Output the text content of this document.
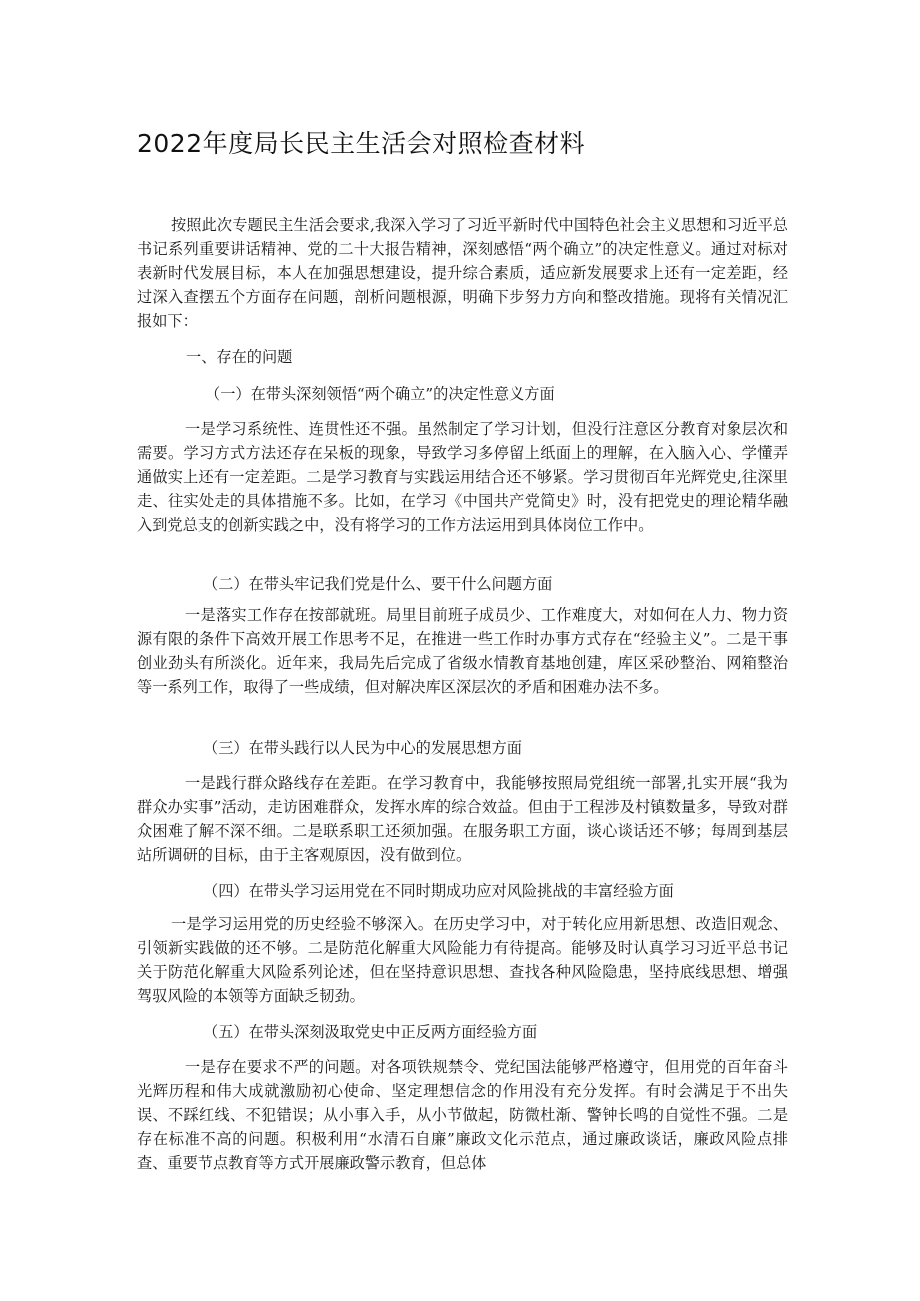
2022年度局长民主生活会对照检查材料

按照此次专题民主生活会要求,我深入学习了习近平新时代中国特色社会主义思想和习近平总书记系列重要讲话精神、党的二十大报告精神，深刻感悟“两个确立”的决定性意义。通过对标对表新时代发展目标，本人在加强思想建设，提升综合素质，适应新发展要求上还有一定差距，经过深入查摆五个方面存在问题，剖析问题根源，明确下步努力方向和整改措施。现将有关情况汇报如下：

一、存在的问题

（一）在带头深刻领悟“两个确立”的决定性意义方面

一是学习系统性、连贯性还不强。虽然制定了学习计划，但没行注意区分教育对象层次和需要。学习方式方法还存在呆板的现象，导致学习多停留上纸面上的理解，在入脑入心、学懂弄通做实上还有一定差距。二是学习教育与实践运用结合还不够紧。学习贯彻百年光辉党史,往深里走、往实处走的具体措施不多。比如，在学习《中国共产党简史》时，没有把党史的理论精华融入到党总支的创新实践之中，没有将学习的工作方法运用到具体岗位工作中。

（二）在带头牢记我们党是什么、要干什么问题方面

一是落实工作存在按部就班。局里目前班子成员少、工作难度大，对如何在人力、物力资源有限的条件下高效开展工作思考不足，在推进一些工作时办事方式存在“经验主义”。二是干事创业劲头有所淡化。近年来，我局先后完成了省级水情教育基地创建，库区采砂整治、网箱整治等一系列工作，取得了一些成绩，但对解决库区深层次的矛盾和困难办法不多。

（三）在带头践行以人民为中心的发展思想方面

一是践行群众路线存在差距。在学习教育中，我能够按照局党组统一部署,扎实开展“我为群众办实事”活动，走访困难群众，发挥水库的综合效益。但由于工程涉及村镇数量多，导致对群众困难了解不深不细。二是联系职工还须加强。在服务职工方面，谈心谈话还不够；每周到基层站所调研的目标，由于主客观原因，没有做到位。

（四）在带头学习运用党在不同时期成功应对风险挑战的丰富经验方面

一是学习运用党的历史经验不够深入。在历史学习中，对于转化应用新思想、改造旧观念、引领新实践做的还不够。二是防范化解重大风险能力有待提高。能够及时认真学习习近平总书记关于防范化解重大风险系列论述，但在坚持意识思想、查找各种风险隐患，坚持底线思想、增强驾驭风险的本领等方面缺乏韧劲。

（五）在带头深刻汲取党史中正反两方面经验方面

一是存在要求不严的问题。对各项铁规禁令、党纪国法能够严格遵守，但用党的百年奋斗光辉历程和伟大成就激励初心使命、坚定理想信念的作用没有充分发挥。有时会满足于不出失误、不踩红线、不犯错误；从小事入手，从小节做起，防微杜渐、警钟长鸣的自觉性不强。二是存在标准不高的问题。积极利用“水清石自廉”廉政文化示范点，通过廉政谈话，廉政风险点排查、重要节点教育等方式开展廉政警示教育，但总体
